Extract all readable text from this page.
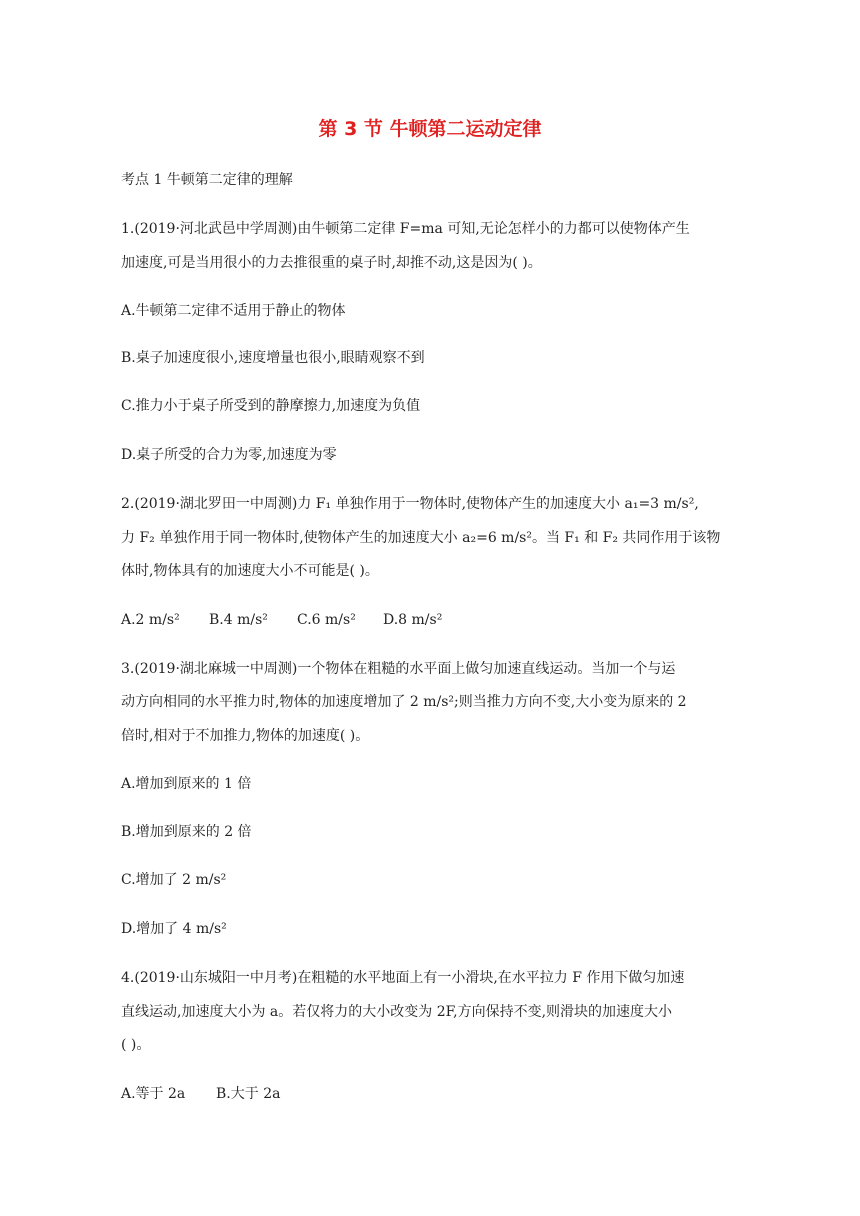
第 3 节 牛顿第二运动定律
考点 1 牛顿第二定律的理解
1.(2019·河北武邑中学周测)由牛顿第二定律 F=ma 可知,无论怎样小的力都可以使物体产生
加速度,可是当用很小的力去推很重的桌子时,却推不动,这是因为( )。
A.牛顿第二定律不适用于静止的物体
B.桌子加速度很小,速度增量也很小,眼睛观察不到
C.推力小于桌子所受到的静摩擦力,加速度为负值
D.桌子所受的合力为零,加速度为零
2.(2019·湖北罗田一中周测)力 F₁ 单独作用于一物体时,使物体产生的加速度大小 a₁=3 m/s²,
力 F₂ 单独作用于同一物体时,使物体产生的加速度大小 a₂=6 m/s²。当 F₁ 和 F₂ 共同作用于该物
体时,物体具有的加速度大小不可能是( )。
A.2 m/s² B.4 m/s² C.6 m/s² D.8 m/s²
3.(2019·湖北麻城一中周测)一个物体在粗糙的水平面上做匀加速直线运动。当加一个与运
动方向相同的水平推力时,物体的加速度增加了 2 m/s²;则当推力方向不变,大小变为原来的 2
倍时,相对于不加推力,物体的加速度( )。
A.增加到原来的 1 倍
B.增加到原来的 2 倍
C.增加了 2 m/s²
D.增加了 4 m/s²
4.(2019·山东城阳一中月考)在粗糙的水平地面上有一小滑块,在水平拉力 F 作用下做匀加速
直线运动,加速度大小为 a。若仅将力的大小改变为 2F,方向保持不变,则滑块的加速度大小
( )。
A.等于 2a B.大于 2a
